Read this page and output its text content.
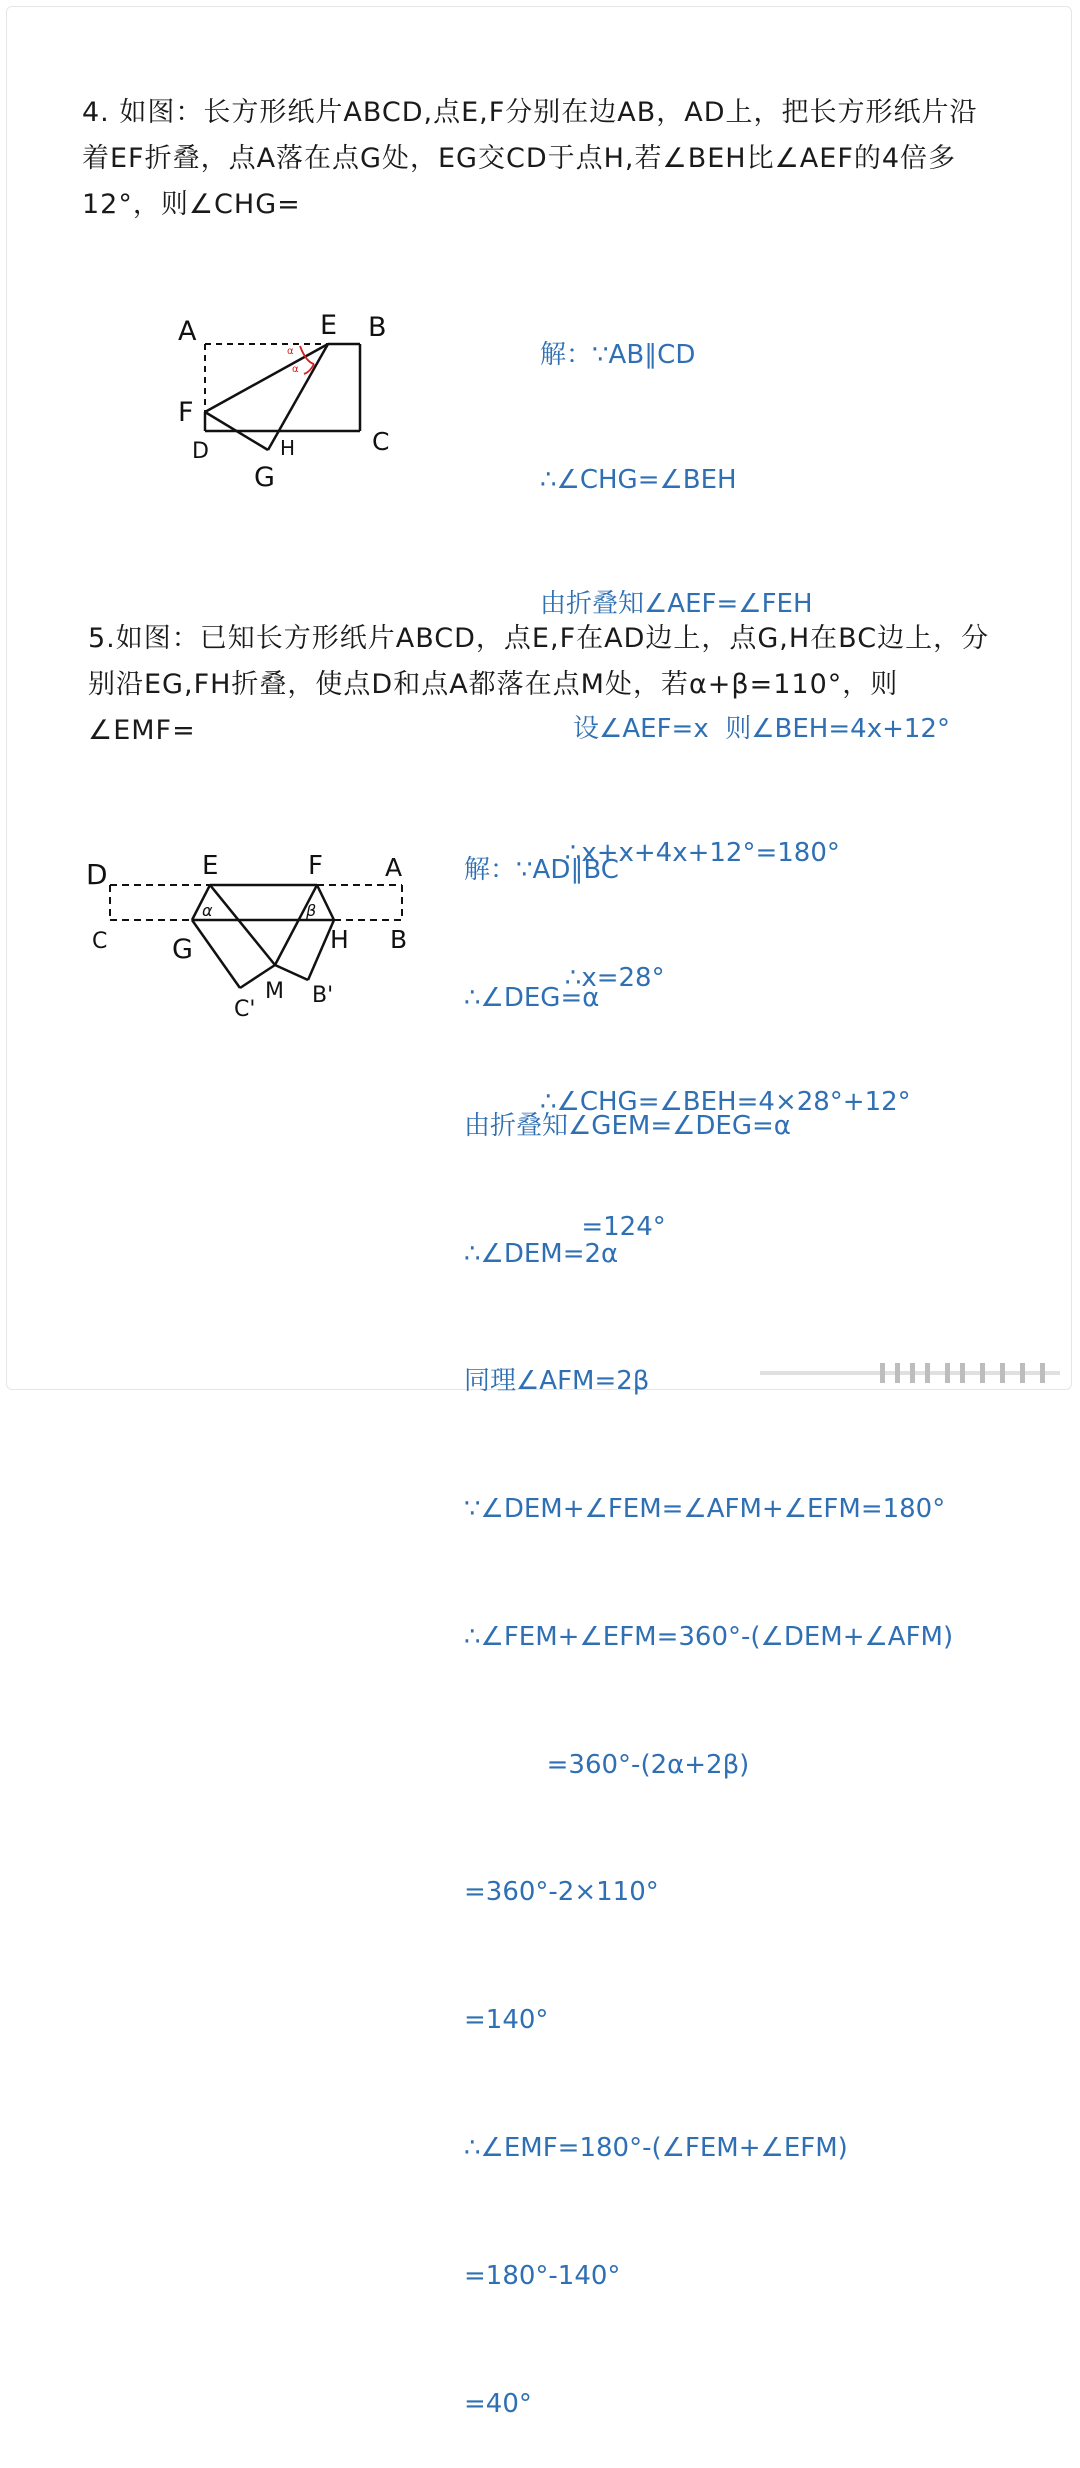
4. 如图：长方形纸片ABCD,点E,F分别在边AB，AD上，把长方形纸片沿
着EF折叠，点A落在点G处，EG交CD于点H,若∠BEH比∠AEF的4倍多
12°，则∠CHG=
α
α
A	E B
F
D	H	C
G

解：∵AB∥CD

∴∠CHG=∠BEH

由折叠知∠AEF=∠FEH

设∠AEF=x  则∠BEH=4x+12°

∴x+x+4x+12°=180°

∴x=28°

∴∠CHG=∠BEH=4×28°+12°

=124°

5.如图：已知长方形纸片ABCD，点E,F在AD边上，点G,H在BC边上，分
别沿EG,FH折叠，使点D和点A都落在点M处，若α+β=110°，则
∠EMF=
α	β
D	E	F A
C G	H B
C'
M B'

解：∵AD∥BC

∴∠DEG=α

由折叠知∠GEM=∠DEG=α

∴∠DEM=2α

同理∠AFM=2β

∵∠DEM+∠FEM=∠AFM+∠EFM=180°

∴∠FEM+∠EFM=360°-(∠DEM+∠AFM)

=360°-(2α+2β)

=360°-2×110°

=140°

∴∠EMF=180°-(∠FEM+∠EFM)

=180°-140°

=40°
